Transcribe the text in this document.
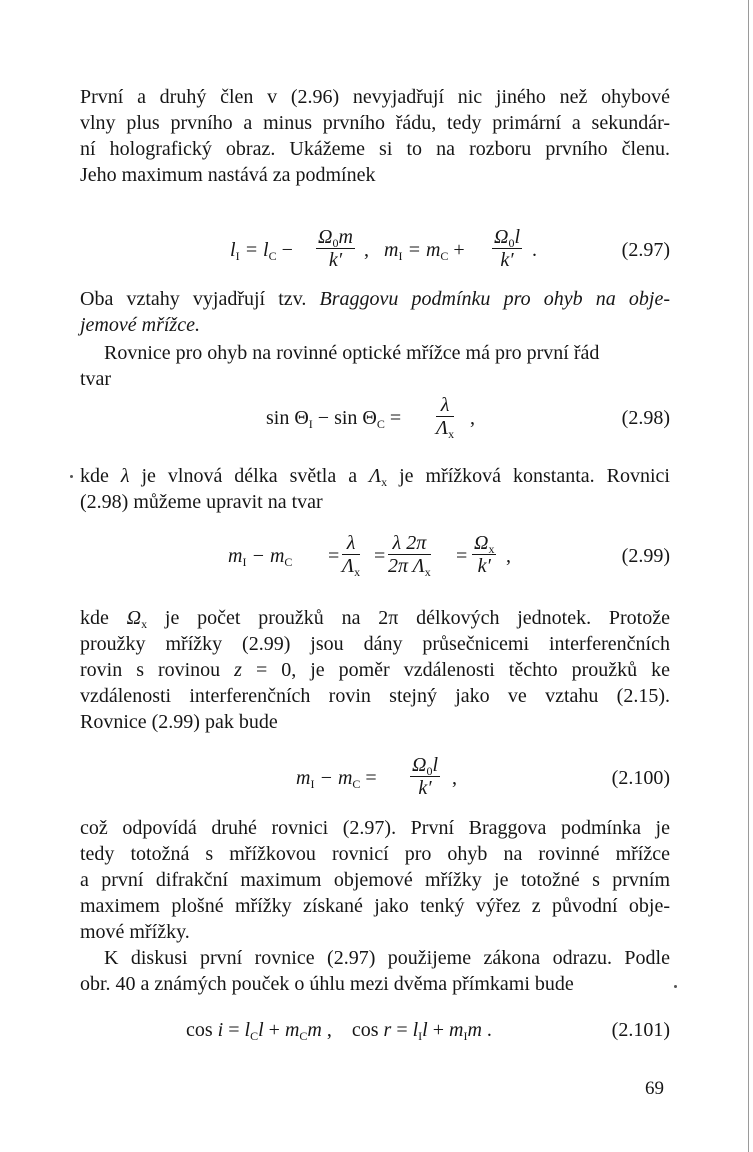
První a druhý člen v (2.96) nevyjadřují nic jiného než ohybové
vlny plus prvního a minus prvního řádu, tedy primární a sekundár-
ní holografický obraz. Ukážeme si to na rozboru prvního členu.
Jeho maximum nastává za podmínek
$l_I = l_C - \frac{\Omega_0m}{k'}$ , $m_I = m_C + \frac{\Omega_0l}{k'}$ .	(2.97)
Oba vztahy vyjadřují tzv. Braggovu podmínku pro ohyb na obje-
jemové mřížce.
Rovnice pro ohyb na rovinné optické mřížce má pro první řád
tvar
$\sin \Theta_I - \sin \Theta_C = \frac{\lambda}{\Lambda_x}$ ,	(2.98)
kde λ je vlnová délka světla a $\Lambda_x$ je mřížková konstanta. Rovnici
(2.98) můžeme upravit na tvar
$m_I - m_C = \frac{\lambda}{\Lambda_x} = \frac{\lambda 2\pi}{2\pi \Lambda_x} = \frac{\Omega_x}{k'}$ ,	(2.99)
kde $\Omega_x$ je počet proužků na 2π délkových jednotek. Protože
proužky mřížky (2.99) jsou dány průsečnicemi interferenčních
rovin s rovinou z = 0, je poměr vzdálenosti těchto proužků ke
vzdálenosti interferenčních rovin stejný jako ve vztahu (2.15).
Rovnice (2.99) pak bude
$m_I - m_C = \frac{\Omega_0l}{k'}$ ,	(2.100)
což odpovídá druhé rovnici (2.97). První Braggova podmínka je
tedy totožná s mřížkovou rovnicí pro ohyb na rovinné mřížce
a první difrakční maximum objemové mřížky je totožné s prvním
maximem plošné mřížky získané jako tenký výřez z původní obje-
mové mřížky.
K diskusi první rovnice (2.97) použijeme zákona odrazu. Podle
obr. 40 a známých pouček o úhlu mezi dvěma přímkami bude
$\cos i = l_Cl + m_Cm$ ,    $\cos r = l_Il + m_Im$ .	(2.101)
69
